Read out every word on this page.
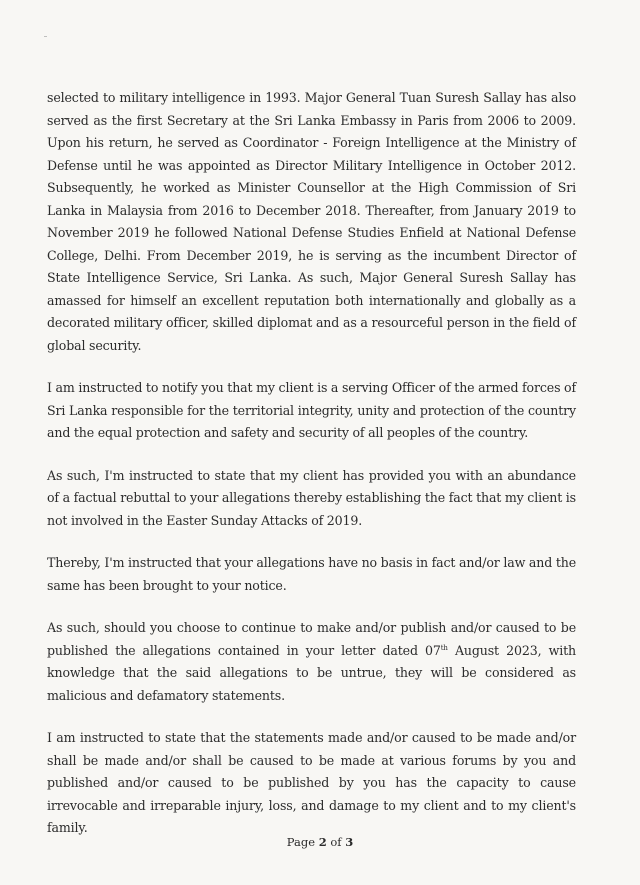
selected to military intelligence in 1993. Major General Tuan Suresh Sallay has also served as the first Secretary at the Sri Lanka Embassy in Paris from 2006 to 2009. Upon his return, he served as Coordinator - Foreign Intelligence at the Ministry of Defense until he was appointed as Director Military Intelligence in October 2012. Subsequently, he worked as Minister Counsellor at the High Commission of Sri Lanka in Malaysia from 2016 to December 2018. Thereafter, from January 2019 to November 2019 he followed National Defense Studies Enfield at National Defense College, Delhi. From December 2019, he is serving as the incumbent Director of State Intelligence Service, Sri Lanka. As such, Major General Suresh Sallay has amassed for himself an excellent reputation both internationally and globally as a decorated military officer, skilled diplomat and as a resourceful person in the field of global security.

I am instructed to notify you that my client is a serving Officer of the armed forces of Sri Lanka responsible for the territorial integrity, unity and protection of the country and the equal protection and safety and security of all peoples of the country.

As such, I'm instructed to state that my client has provided you with an abundance of a factual rebuttal to your allegations thereby establishing the fact that my client is not involved in the Easter Sunday Attacks of 2019.

Thereby, I'm instructed that your allegations have no basis in fact and/or law and the same has been brought to your notice.

As such, should you choose to continue to make and/or publish and/or caused to be published the allegations contained in your letter dated 07th August 2023, with knowledge that the said allegations to be untrue, they will be considered as malicious and defamatory statements.

I am instructed to state that the statements made and/or caused to be made and/or shall be made and/or shall be caused to be made at various forums by you and published and/or caused to be published by you has the capacity to cause irrevocable and irreparable injury, loss, and damage to my client and to my client's family.

Page 2 of 3
